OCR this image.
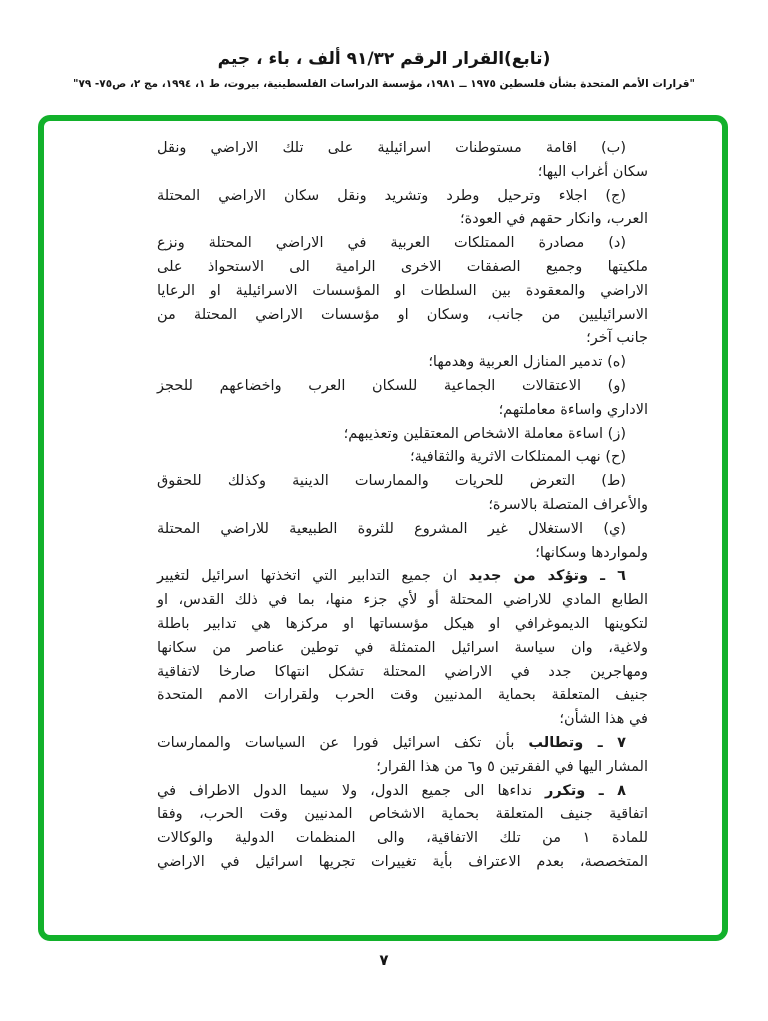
(تابع)القرار الرقم ٩١/٣٢ ألف ، باء ، جيم
"قرارات الأمم المتحدة بشأن فلسطين ١٩٧٥ ــ ١٩٨١، مؤسسة الدراسات الفلسطينية، بيروت، ط ١، ١٩٩٤، مج ٢، ص٧٥- ٧٩"
(ب) اقامة مستوطنات اسرائيلية على تلك الاراضي ونقل
سكان أغراب اليها؛
(ج) اجلاء وترحيل وطرد وتشريد ونقل سكان الاراضي المحتلة
العرب، وانكار حقهم في العودة؛
(د) مصادرة الممتلكات العربية في الاراضي المحتلة ونزع
ملكيتها وجميع الصفقات الاخرى الرامية الى الاستحواذ على
الاراضي والمعقودة بين السلطات او المؤسسات الاسرائيلية او الرعايا
الاسرائيليين من جانب، وسكان او مؤسسات الاراضي المحتلة من
جانب آخر؛
(ه) تدمير المنازل العربية وهدمها؛
(و) الاعتقالات الجماعية للسكان العرب واخضاعهم للحجز
الاداري واساءة معاملتهم؛
(ز) اساءة معاملة الاشخاص المعتقلين وتعذيبهم؛
(ح) نهب الممتلكات الاثرية والثقافية؛
(ط) التعرض للحريات والممارسات الدينية وكذلك للحقوق
والأعراف المتصلة بالاسرة؛
(ي) الاستغلال غير المشروع للثروة الطبيعية للاراضي المحتلة
ولمواردها وسكانها؛
٦ ـ وتؤكد من جديد ان جميع التدابير التي اتخذتها اسرائيل لتغيير
الطابع المادي للاراضي المحتلة أو لأي جزء منها، بما في ذلك القدس، او
لتكوينها الديموغرافي او هيكل مؤسساتها او مركزها هي تدابير باطلة
ولاغية، وان سياسة اسرائيل المتمثلة في توطين عناصر من سكانها
ومهاجرين جدد في الاراضي المحتلة تشكل انتهاكا صارخا لاتفاقية
جنيف المتعلقة بحماية المدنيين وقت الحرب ولقرارات الامم المتحدة
في هذا الشأن؛
٧ ـ وتطالب بأن تكف اسرائيل فورا عن السياسات والممارسات
المشار اليها في الفقرتين ٥ و٦ من هذا القرار؛
٨ ـ وتكرر نداءها الى جميع الدول، ولا سيما الدول الاطراف في
اتفاقية جنيف المتعلقة بحماية الاشخاص المدنيين وقت الحرب، وفقا
للمادة ١ من تلك الاتفاقية، والى المنظمات الدولية والوكالات
المتخصصة، بعدم الاعتراف بأية تغييرات تجريها اسرائيل في الاراضي
٧
